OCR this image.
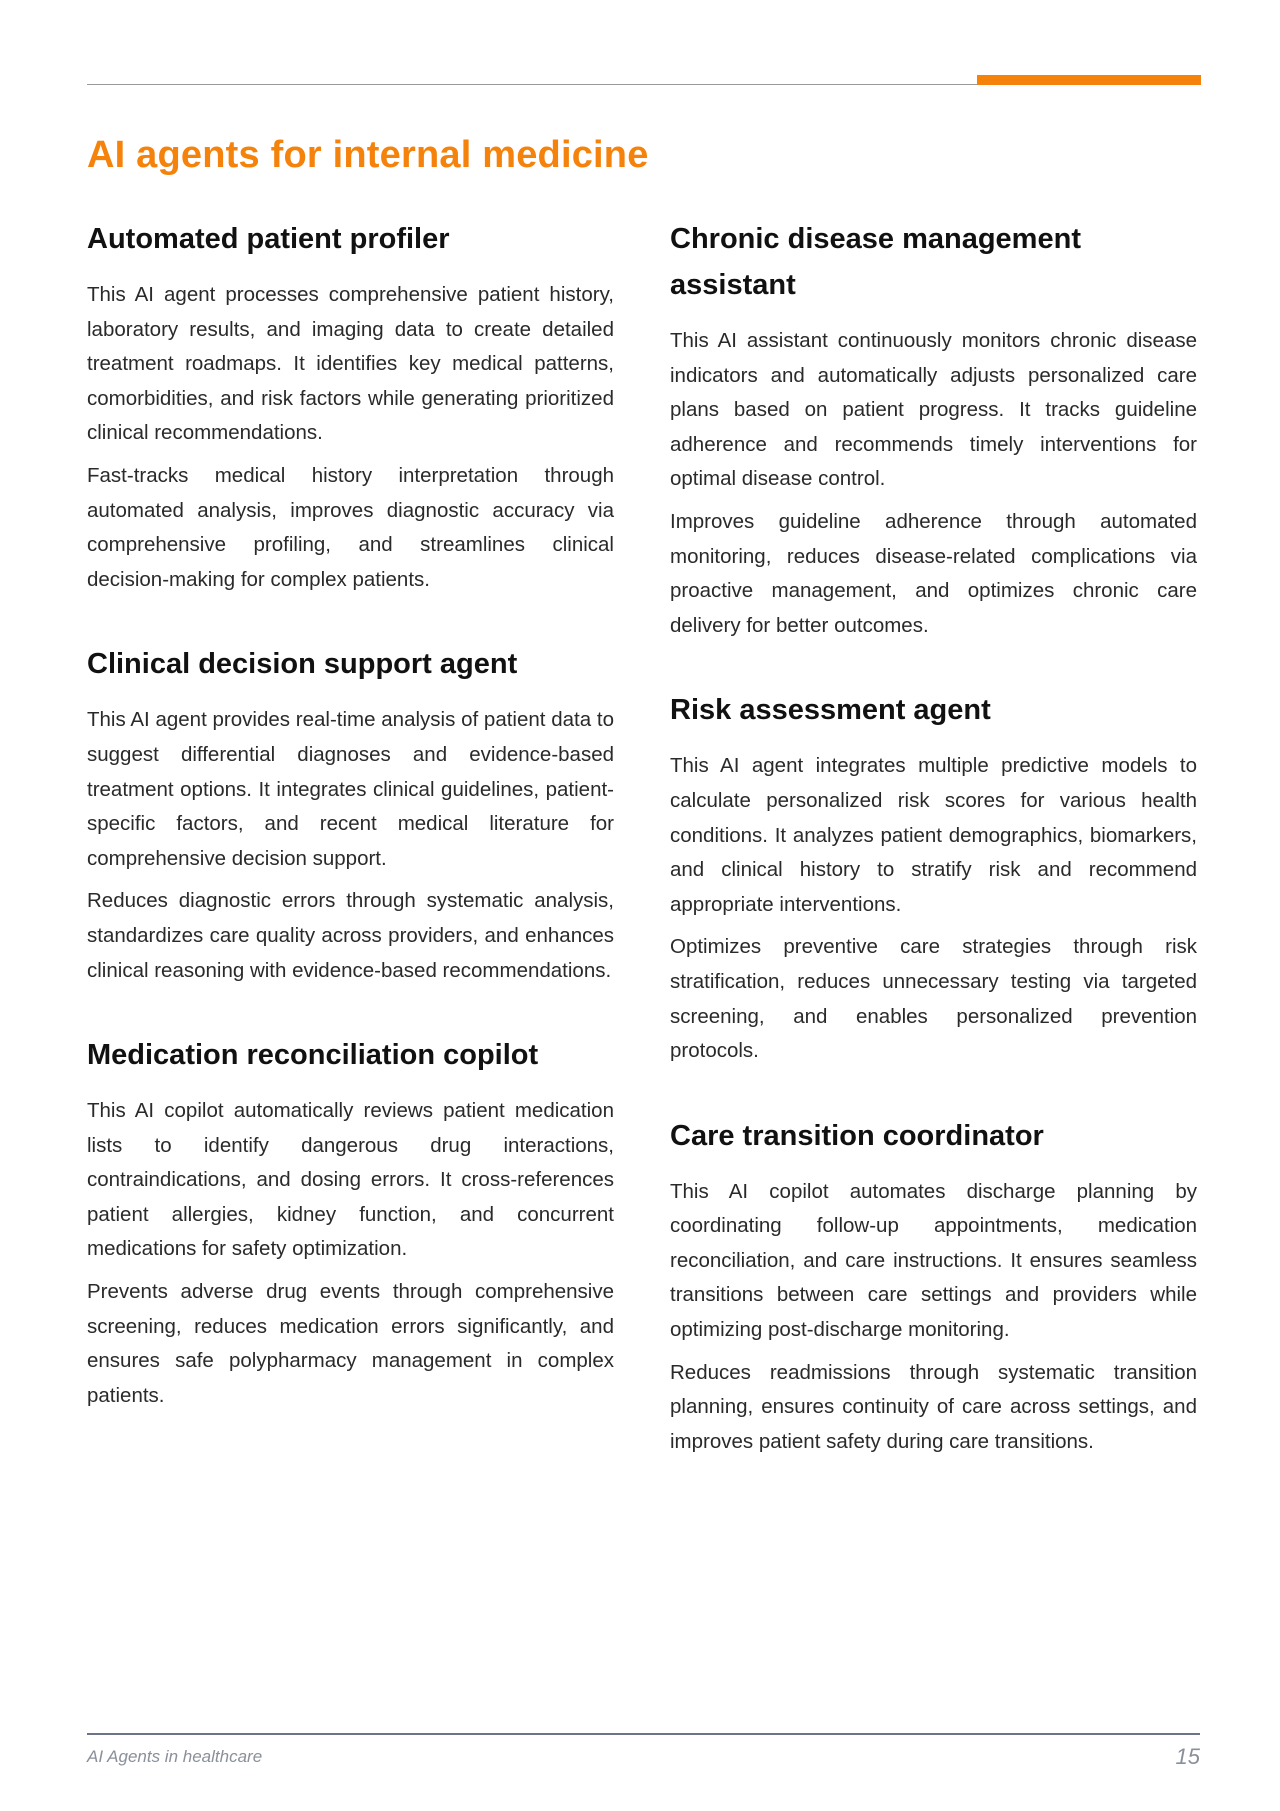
AI agents for internal medicine
Automated patient profiler

This AI agent processes comprehensive patient history, laboratory results, and imaging data to create detailed treatment roadmaps. It identifies key medical patterns, comorbidities, and risk factors while generating prioritized clinical recommendations.

Fast-tracks medical history interpretation through automated analysis, improves diagnostic accuracy via comprehensive profiling, and streamlines clinical decision-making for complex patients.

Clinical decision support agent

This AI agent provides real-time analysis of patient data to suggest differential diagnoses and evidence-based treatment options. It integrates clinical guidelines, patient-specific factors, and recent medical literature for comprehensive decision support.

Reduces diagnostic errors through systematic analysis, standardizes care quality across providers, and enhances clinical reasoning with evidence-based recommendations.

Medication reconciliation copilot

This AI copilot automatically reviews patient medication lists to identify dangerous drug interactions, contraindications, and dosing errors. It cross-references patient allergies, kidney function, and concurrent medications for safety optimization.

Prevents adverse drug events through comprehensive screening, reduces medication errors significantly, and ensures safe polypharmacy management in complex patients.

Chronic disease management assistant

This AI assistant continuously monitors chronic disease indicators and automatically adjusts personalized care plans based on patient progress. It tracks guideline adherence and recommends timely interventions for optimal disease control.

Improves guideline adherence through automated monitoring, reduces disease-related complications via proactive management, and optimizes chronic care delivery for better outcomes.

Risk assessment agent

This AI agent integrates multiple predictive models to calculate personalized risk scores for various health conditions. It analyzes patient demographics, biomarkers, and clinical history to stratify risk and recommend appropriate interventions.

Optimizes preventive care strategies through risk stratification, reduces unnecessary testing via targeted screening, and enables personalized prevention protocols.

Care transition coordinator

This AI copilot automates discharge planning by coordinating follow-up appointments, medication reconciliation, and care instructions. It ensures seamless transitions between care settings and providers while optimizing post-discharge monitoring.

Reduces readmissions through systematic transition planning, ensures continuity of care across settings, and improves patient safety during care transitions.

AI Agents in healthcare	15
